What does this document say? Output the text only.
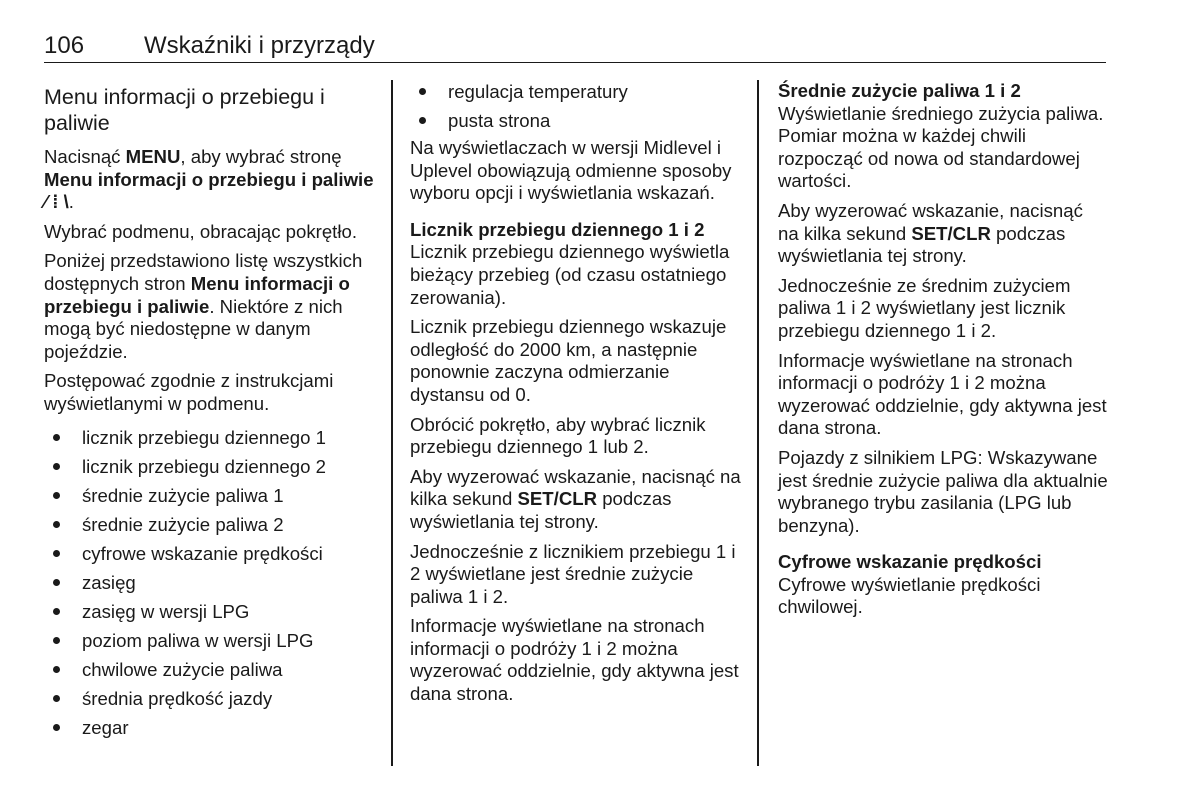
106 Wskaźniki i przyrządy
Menu informacji o przebiegu i paliwie

Nacisnąć MENU, aby wybrać stronę Menu informacji o przebiegu i paliwie ⁄ ⁞ \.

Wybrać podmenu, obracając pokrętło.

Poniżej przedstawiono listę wszystkich dostępnych stron Menu informacji o przebiegu i paliwie. Niektóre z nich mogą być niedostępne w danym pojeździe.

Postępować zgodnie z instrukcjami wyświetlanymi w podmenu.

licznik przebiegu dziennego 1
licznik przebiegu dziennego 2
średnie zużycie paliwa 1
średnie zużycie paliwa 2
cyfrowe wskazanie prędkości
zasięg
zasięg w wersji LPG
poziom paliwa w wersji LPG
chwilowe zużycie paliwa
średnia prędkość jazdy
zegar
regulacja temperatury
pusta strona

Na wyświetlaczach w wersji Midlevel i Uplevel obowiązują odmienne sposoby wyboru opcji i wyświetlania wskazań.

Licznik przebiegu dziennego 1 i 2

Licznik przebiegu dziennego wyświetla bieżący przebieg (od czasu ostatniego zerowania).

Licznik przebiegu dziennego wskazuje odległość do 2000 km, a następnie ponownie zaczyna odmierzanie dystansu od 0.

Obrócić pokrętło, aby wybrać licznik przebiegu dziennego 1 lub 2.

Aby wyzerować wskazanie, nacisnąć na kilka sekund SET/CLR podczas wyświetlania tej strony.

Jednocześnie z licznikiem przebiegu 1 i 2 wyświetlane jest średnie zużycie paliwa 1 i 2.

Informacje wyświetlane na stronach informacji o podróży 1 i 2 można wyzerować oddzielnie, gdy aktywna jest dana strona.

Średnie zużycie paliwa 1 i 2

Wyświetlanie średniego zużycia paliwa. Pomiar można w każdej chwili rozpocząć od nowa od standardowej wartości.

Aby wyzerować wskazanie, nacisnąć na kilka sekund SET/CLR podczas wyświetlania tej strony.

Jednocześnie ze średnim zużyciem paliwa 1 i 2 wyświetlany jest licznik przebiegu dziennego 1 i 2.

Informacje wyświetlane na stronach informacji o podróży 1 i 2 można wyzerować oddzielnie, gdy aktywna jest dana strona.

Pojazdy z silnikiem LPG: Wskazywane jest średnie zużycie paliwa dla aktualnie wybranego trybu zasilania (LPG lub benzyna).

Cyfrowe wskazanie prędkości

Cyfrowe wyświetlanie prędkości chwilowej.
